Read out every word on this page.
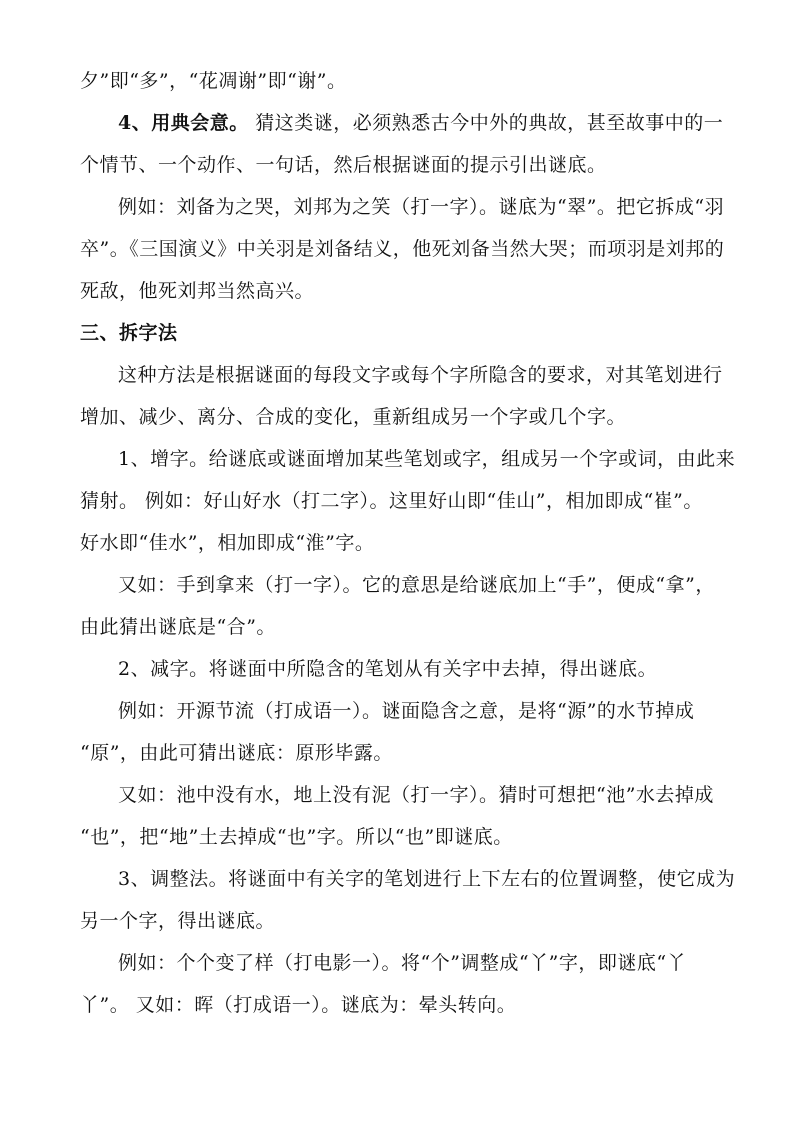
夕”即“多”，“花凋谢”即“谢”。
4、用典会意。 猜这类谜，必须熟悉古今中外的典故，甚至故事中的一
个情节、一个动作、一句话，然后根据谜面的提示引出谜底。
例如：刘备为之哭，刘邦为之笑（打一字）。谜底为“翠”。把它拆成“羽
卒”。《三国演义》中关羽是刘备结义，他死刘备当然大哭；而项羽是刘邦的
死敌，他死刘邦当然高兴。
三、拆字法
这种方法是根据谜面的每段文字或每个字所隐含的要求，对其笔划进行
增加、减少、离分、合成的变化，重新组成另一个字或几个字。
1、增字。给谜底或谜面增加某些笔划或字，组成另一个字或词，由此来
猜射。 例如：好山好水（打二字）。这里好山即“佳山”，相加即成“崔”。
好水即“佳水”，相加即成“淮”字。
又如：手到拿来（打一字）。它的意思是给谜底加上“手”，便成“拿”，
由此猜出谜底是“合”。
2、减字。将谜面中所隐含的笔划从有关字中去掉，得出谜底。
例如：开源节流（打成语一）。谜面隐含之意，是将“源”的水节掉成
“原”，由此可猜出谜底：原形毕露。
又如：池中没有水，地上没有泥（打一字）。猜时可想把“池”水去掉成
“也”，把“地”土去掉成“也”字。所以“也”即谜底。
3、调整法。将谜面中有关字的笔划进行上下左右的位置调整，使它成为
另一个字，得出谜底。
例如：个个变了样（打电影一）。将“个”调整成“丫”字，即谜底“丫
丫”。 又如：晖（打成语一）。谜底为：晕头转向。
